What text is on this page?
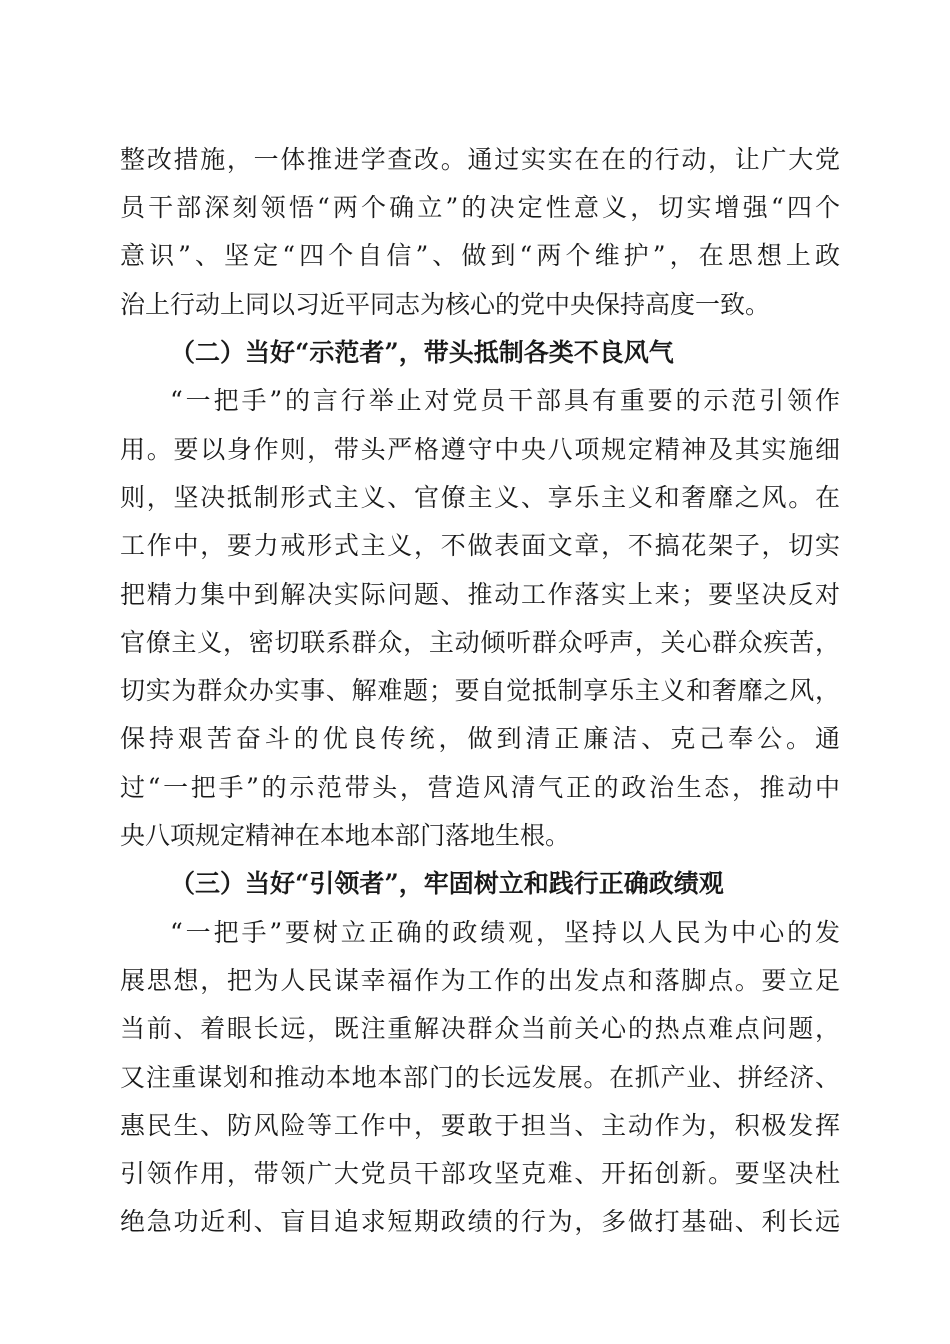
整改措施，一体推进学查改。通过实实在在的行动，让广大党
员干部深刻领悟“两个确立”的决定性意义，切实增强“四个
意识”、坚定“四个自信”、做到“两个维护”，在思想上政
治上行动上同以习近平同志为核心的党中央保持高度一致。
（二）当好“示范者”，带头抵制各类不良风气
“一把手”的言行举止对党员干部具有重要的示范引领作
用。要以身作则，带头严格遵守中央八项规定精神及其实施细
则，坚决抵制形式主义、官僚主义、享乐主义和奢靡之风。在
工作中，要力戒形式主义，不做表面文章，不搞花架子，切实
把精力集中到解决实际问题、推动工作落实上来；要坚决反对
官僚主义，密切联系群众，主动倾听群众呼声，关心群众疾苦，
切实为群众办实事、解难题；要自觉抵制享乐主义和奢靡之风，
保持艰苦奋斗的优良传统，做到清正廉洁、克己奉公。通
过“一把手”的示范带头，营造风清气正的政治生态，推动中
央八项规定精神在本地本部门落地生根。
（三）当好“引领者”，牢固树立和践行正确政绩观
“一把手”要树立正确的政绩观，坚持以人民为中心的发
展思想，把为人民谋幸福作为工作的出发点和落脚点。要立足
当前、着眼长远，既注重解决群众当前关心的热点难点问题，
又注重谋划和推动本地本部门的长远发展。在抓产业、拼经济、
惠民生、防风险等工作中，要敢于担当、主动作为，积极发挥
引领作用，带领广大党员干部攻坚克难、开拓创新。要坚决杜
绝急功近利、盲目追求短期政绩的行为，多做打基础、利长远
